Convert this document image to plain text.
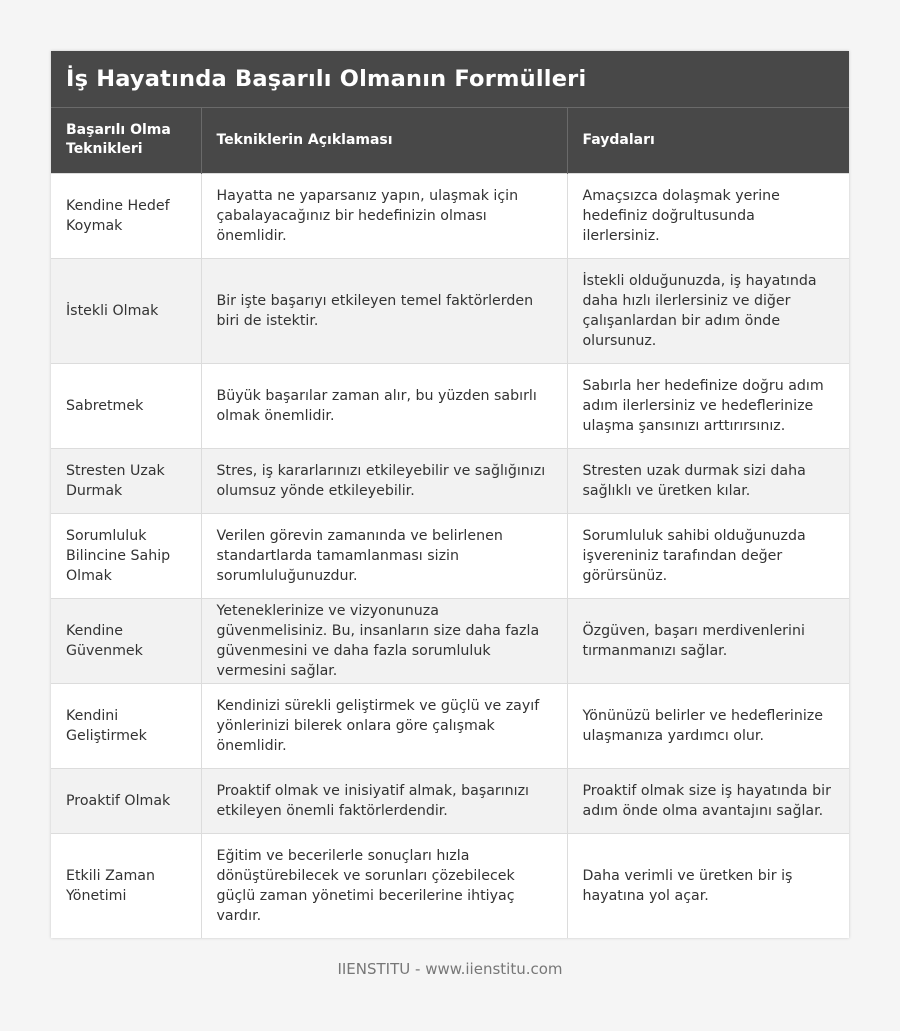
İş Hayatında Başarılı Olmanın Formülleri
Başarılı Olma Teknikleri	Tekniklerin Açıklaması	Faydaları
Kendine Hedef Koymak	Hayatta ne yaparsanız yapın, ulaşmak için çabalayacağınız bir hedefinizin olması önemlidir.	Amaçsızca dolaşmak yerine hedefiniz doğrultusunda ilerlersiniz.
İstekli Olmak	Bir işte başarıyı etkileyen temel faktörlerden biri de istektir.	İstekli olduğunuzda, iş hayatında daha hızlı ilerlersiniz ve diğer çalışanlardan bir adım önde olursunuz.
Sabretmek	Büyük başarılar zaman alır, bu yüzden sabırlı olmak önemlidir.	Sabırla her hedefinize doğru adım adım ilerlersiniz ve hedeflerinize ulaşma şansınızı arttırırsınız.
Stresten Uzak Durmak	Stres, iş kararlarınızı etkileyebilir ve sağlığınızı olumsuz yönde etkileyebilir.	Stresten uzak durmak sizi daha sağlıklı ve üretken kılar.
Sorumluluk Bilincine Sahip Olmak	Verilen görevin zamanında ve belirlenen standartlarda tamamlanması sizin sorumluluğunuzdur.	Sorumluluk sahibi olduğunuzda işvereniniz tarafından değer görürsünüz.
Kendine Güvenmek	Yeteneklerinize ve vizyonunuza güvenmelisiniz. Bu, insanların size daha fazla güvenmesini ve daha fazla sorumluluk vermesini sağlar.	Özgüven, başarı merdivenlerini tırmanmanızı sağlar.
Kendini Geliştirmek	Kendinizi sürekli geliştirmek ve güçlü ve zayıf yönlerinizi bilerek onlara göre çalışmak önemlidir.	Yönünüzü belirler ve hedeflerinize ulaşmanıza yardımcı olur.
Proaktif Olmak	Proaktif olmak ve inisiyatif almak, başarınızı etkileyen önemli faktörlerdendir.	Proaktif olmak size iş hayatında bir adım önde olma avantajını sağlar.
Etkili Zaman Yönetimi	Eğitim ve becerilerle sonuçları hızla dönüştürebilecek ve sorunları çözebilecek güçlü zaman yönetimi becerilerine ihtiyaç vardır.	Daha verimli ve üretken bir iş hayatına yol açar.
IIENSTITU - www.iienstitu.com
